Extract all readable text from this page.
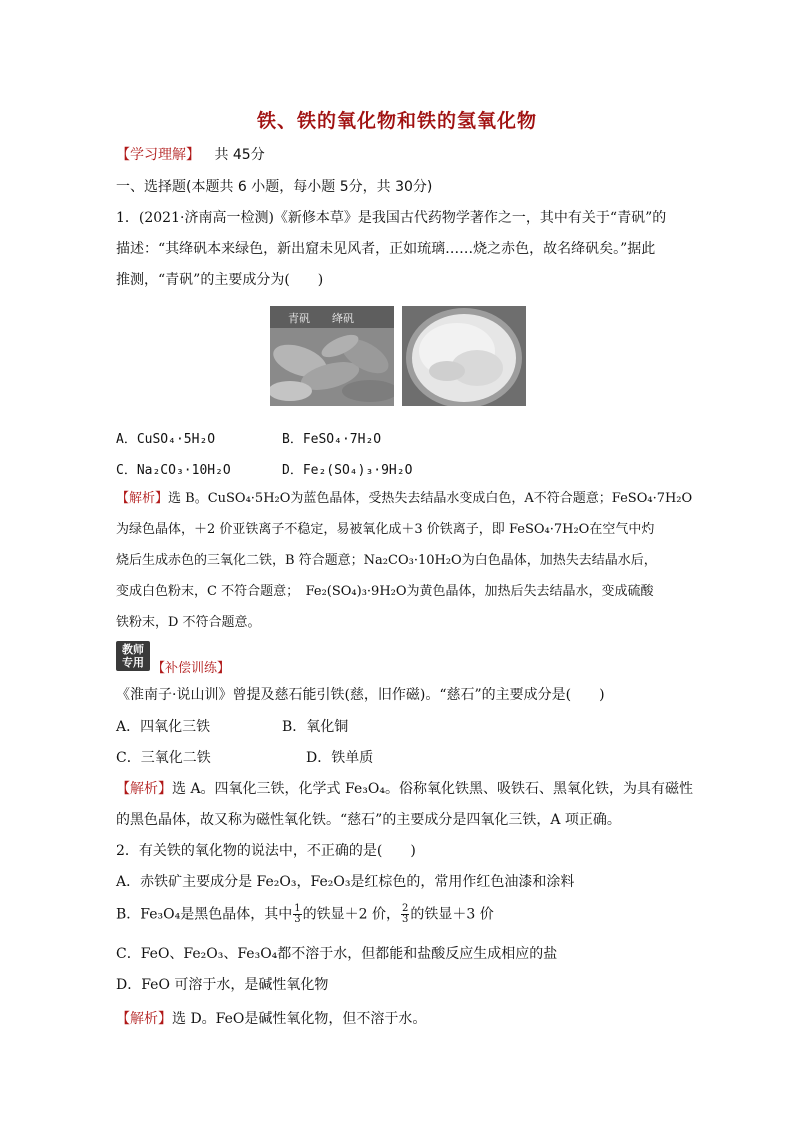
铁、铁的氧化物和铁的氢氧化物
【学习理解】 共 45分
一、选择题(本题共 6 小题，每小题 5分，共 30分)
1．(2021·济南高一检测)《新修本草》是我国古代药物学著作之一，其中有关于“青矾”的
描述：“其绛矾本来绿色，新出窟未见风者，正如琉璃……烧之赤色，故名绛矾矣。”据此
推测，“青矾”的主要成分为(　　)
青矾　　绛矾
A．CuSO₄·5H₂O	B．FeSO₄·7H₂O
C．Na₂CO₃·10H₂O	D．Fe₂(SO₄)₃·9H₂O
【解析】选 B。CuSO₄·5H₂O为蓝色晶体，受热失去结晶水变成白色，A不符合题意；FeSO₄·7H₂O
为绿色晶体，＋2 价亚铁离子不稳定，易被氧化成＋3 价铁离子，即 FeSO₄·7H₂O在空气中灼
烧后生成赤色的三氧化二铁，B 符合题意；Na₂CO₃·10H₂O为白色晶体，加热失去结晶水后，
变成白色粉末，C 不符合题意；　Fe₂(SO₄)₃·9H₂O为黄色晶体，加热后失去结晶水，变成硫酸
铁粉末，D 不符合题意。
教师
专用 【补偿训练】
《淮南子·说山训》曾提及慈石能引铁(慈，旧作磁)。“慈石”的主要成分是(　　)
A．四氧化三铁	B．氧化铜
C．三氧化二铁	D．铁单质
【解析】选 A。四氧化三铁，化学式 Fe₃O₄。俗称氧化铁黑、吸铁石、黑氧化铁，为具有磁性
的黑色晶体，故又称为磁性氧化铁。“慈石”的主要成分是四氧化三铁，A 项正确。
2．有关铁的氧化物的说法中，不正确的是(　　)
A．赤铁矿主要成分是 Fe₂O₃，Fe₂O₃是红棕色的，常用作红色油漆和涂料
B．Fe₃O₄是黑色晶体，其中 $\frac{1}{3}$ 的铁显＋2 价， $\frac{2}{3}$ 的铁显＋3 价
C．FeO、Fe₂O₃、Fe₃O₄都不溶于水，但都能和盐酸反应生成相应的盐
D．FeO 可溶于水，是碱性氧化物
【解析】选 D。FeO是碱性氧化物，但不溶于水。
